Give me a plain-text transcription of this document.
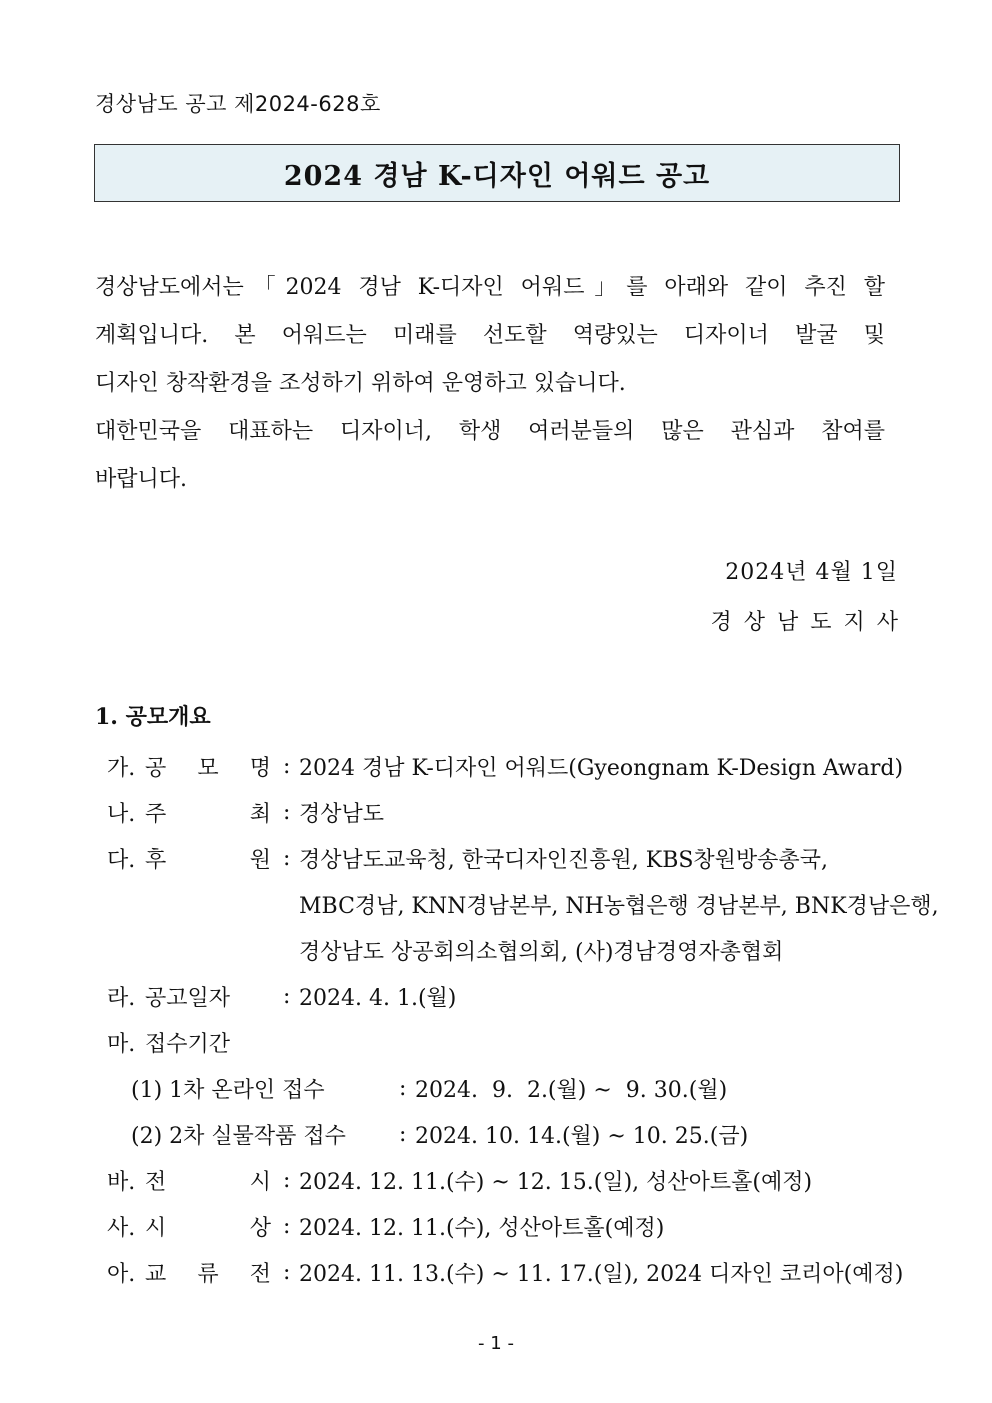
경상남도 공고 제2024-628호
2024 경남 K-디자인 어워드 공고

경상남도에서는「2024 경남 K-디자인 어워드」를 아래와 같이 추진 할

계획입니다. 본 어워드는 미래를 선도할 역량있는 디자이너 발굴 및

디자인 창작환경을 조성하기 위하여 운영하고 있습니다.

대한민국을 대표하는 디자이너, 학생 여러분들의 많은 관심과 참여를

바랍니다.

2024년 4월 1일
경상남도지사
1. 공모개요
가. 공 모 명 : 2024 경남 K-디자인 어워드(Gyeongnam K-Design Award)
나. 주	최 : 경상남도
다. 후	원 : 경상남도교육청, 한국디자인진흥원, KBS창원방송총국,
MBC경남, KNN경남본부, NH농협은행 경남본부, BNK경남은행,
경상남도 상공회의소협의회, (사)경남경영자총협회
라. 공고일자	: 2024. 4. 1.(월)
마. 접수기간
(1) 1차 온라인 접수	: 2024.  9.  2.(월) ~  9. 30.(월)
(2) 2차 실물작품 접수	: 2024. 10. 14.(월) ~ 10. 25.(금)
바. 전	시 : 2024. 12. 11.(수) ~ 12. 15.(일), 성산아트홀(예정)
사. 시	상 : 2024. 12. 11.(수), 성산아트홀(예정)
아. 교 류 전 : 2024. 11. 13.(수) ~ 11. 17.(일), 2024 디자인 코리아(예정)
- 1 -
